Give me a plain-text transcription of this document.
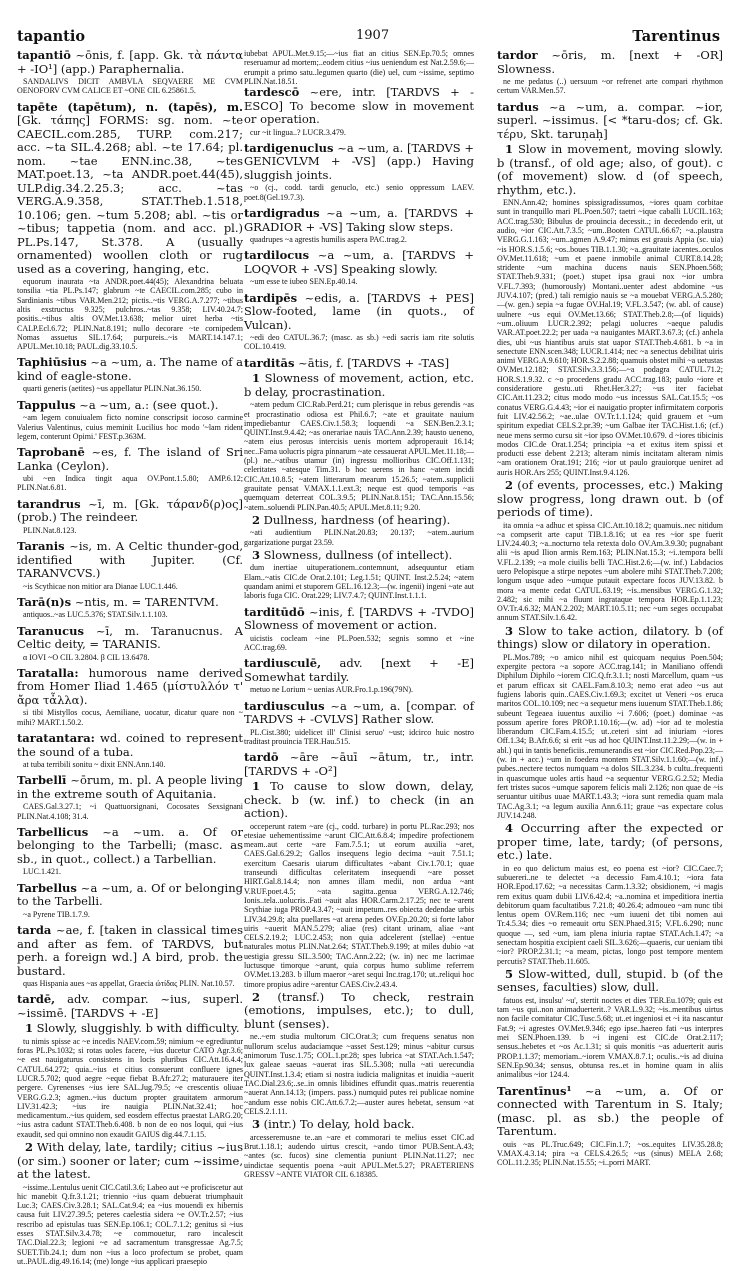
tapantio	1907	Tarentinus
tapantiō ~ōnis, f. [app. Gk. τὰ πάντα + -IO¹] (app.) Paraphernalia.
SANDALIVS DICIT AMBVLA SEQVAERE ME CVM OENOFORV CVM CALICE ET ~ONE CIL 6.25861.5.
tapēte (tapētum), n. (tapēs), m. [Gk. τάπης] FORMS: sg. nom. ~te CAECIL.com.285, TURP. com.217; acc. ~ta SIL.4.268; abl. ~te 17.64; pl. nom. ~tae ENN.inc.38, ~tes MAT.poet.13, ~ta ANDR.poet.44(45), ULP.dig.34.2.25.3; acc. ~tas VERG.A.9.358, STAT.Theb.1.518, 10.106; gen. ~tum 5.208; abl. ~tis or ~tibus; tappetia (nom. and acc. pl.) PL.Ps.147, St.378. A (usually ornamented) woollen cloth or rug used as a covering, hanging, etc.
equorum inaurata ~ta ANDR.poet.44(45); Alexandrina beluata tonsilia ~tia PL.Ps.147; glabrum ~te CAECIL.com.285; cubo in Sardinianis ~tibus VAR.Men.212; pictis..~tis VERG.A.7.277; ~tibus altis exstructus 9.325; pulchros..~tas 9.358; LIV.40.24.7; positis..~tibus altis OV.Met.13.638; melior uiret herba ~tis CALP.Ecl.6.72; PLIN.Nat.8.191; nullo decorare ~te cornipedem Nomas assuetus SIL.17.64; purpureis..~is MART.14.147.1; APUL.Met.10.18; PAUL.dig.33.10.5.
Taphiūsius ~a ~um, a. The name of a kind of eagle-stone.
quarti generis (aetites) ~us appellatur PLIN.Nat.36.150.
Tappulus ~a ~um, a.: (see quot.).
~am legem conuiualem ficto nomine conscripsit iocoso carmine Valerius Valentinus, cuius meminit Lucilius hoc modo '~lam rident legem, conterunt Opimi.' FEST.p.363M.
Taprobanē ~es, f. The island of Sri Lanka (Ceylon).
ubi ~en Indica tingit aqua OV.Pont.1.5.80; AMP.6.12; PLIN.Nat.6.81.
tarandrus ~ī, m. [Gk. τάρανδ(ρ)ος] (prob.) The reindeer.
PLIN.Nat.8.123.
Taranis ~is, m. A Celtic thunder-god, identified with Jupiter. (Cf. TARANVCVS.)
~is Scythicae non mitior ara Dianae LUC.1.446.
Tarā(n)s ~ntis, m. = TARENTVM.
antiquos..~as LUC.5.376; STAT.Silv.1.1.103.
Taranucus ~ī, m. Taranucnus. A Celtic deity, = TARANIS.
α IOVI ~O CIL 3.2804. β CIL 13.6478.
Taratalla: humorous name derived from Homer Iliad 1.465 (μίστυλλόν τ' ἄρα τἆλλα).
si tibi Mistyllos cocus, Aemiliane, uocatur, dicatur quare non ~ mihi? MART.1.50.2.
taratantara: wd. coined to represent the sound of a tuba.
at tuba terribili sonitu ~ dixit ENN.Ann.140.
Tarbellī ~ōrum, m. pl. A people living in the extreme south of Aquitania.
CAES.Gal.3.27.1; ~i Quattuorsignani, Cocosates Sexsignani PLIN.Nat.4.108; 31.4.
Tarbellicus ~a ~um. a. Of or belonging to the Tarbelli; (masc. as sb., in quot., collect.) a Tarbellian.
LUC.1.421.
Tarbellus ~a ~um, a. Of or belonging to the Tarbelli.
~a Pyrene TIB.1.7.9.
tarda ~ae, f. [taken in classical times and after as fem. of TARDVS, but perh. a foreign wd.] A bird, prob. the bustard.
quas Hispania aues ~as appellat, Graecia ὠτίδας PLIN. Nat.10.57.
tardē, adv. compar. ~ius, superl. ~issimē. [TARDVS + -E]
1 Slowly, sluggishly. b with difficulty.
tu nimis spisse ac ~e incedis NAEV.com.59; nimium ~e egrediuntur foras PL.Ps.1032; si rotas uoles facere, ~ius ducetur CATO Agr.3.6; ~e est nauigaturus consistens in locis pluribus CIC.Att.16.4.4; CATUL.64.272; quia..~ius et citius consuerunt confluere ignes LUCR.5.702; quod aegre ~eque fiebat B.Afr.27.2; maturauere iter pergere. Cyrenenses ~ius iere SAL.Jug.79.5; ~e crescentis oliuae VERG.G.2.3; agmen..~ius ductum propter grauitatem armorum LIV.31.42.3; ~ius ire nauigia PLIN.Nat.32.41; hoc medicamentum..~ius quidem, sed eosdem effectus praestat LARG.20; ~ius astra cadunt STAT.Theb.6.408. b non de eo nos loqui, qui ~ius exaudit, sed qui omnino non exaudit GAIUS dig.44.7.1.15.
2 With delay, late, tardily; citius ~ius (or sim.) sooner or later; cum ~issime, at the latest.
~issime..Lentulus uenit CIC.Catil.3.6; Labeo aut ~e proficiscetur aut hic manebit Q.fr.3.1.21; triennio ~ius quam debuerat triumphauit Luc.3; CAES.Civ.3.28.1; SAL.Cat.9.4; ea ~ius mouendi ex hibernis causa fuit LIV.27.39.5; peteres caelestia sidera ~e OV.Tr.2.57; ~ius rescribo ad epistulas tuas SEN.Ep.106.1; COL.7.1.2; genitus si ~ius esses STAT.Silv.3.4.78; ~e commouetur, raro incalescit TAC.Dial.22.3; legioni ~e ad sacramentum transgressae Ag.7.5; SUET.Tib.24.1; dum non ~ius a loco profectum se probet, quam ut..PAUL.dig.49.16.14; (me) longe ~ius applicari praesepio
iubebat APUL.Met.9.15;—~ius fiat an citius SEN.Ep.70.5; omnes reseruamur ad mortem;..eodem citius ~ius ueniendum est Nat.2.59.6;—erumpit a primo satu..legumen quarto (die) uel, cum ~issime, septimo PLIN.Nat.18.51.
tardescō ~ere, intr. [TARDVS + -ESCO] To become slow in movement or operation.
cur ~it lingua..? LUCR.3.479.
tardigenuclus ~a ~um, a. [TARDVS + GENICVLVM + -VS] (app.) Having sluggish joints.
~o (cj., codd. tardi genuclo, etc.) senio oppressum LAEV. poet.8(Gel.19.7.3).
tardigradus ~a ~um, a. [TARDVS + GRADIOR + -VS] Taking slow steps.
quadrupes ~a agrestis humilis aspera PAC.trag.2.
tardilocus ~a ~um, a. [TARDVS + LOQVOR + -VS] Speaking slowly.
~um esse te iubeo SEN.Ep.40.14.
tardipēs ~edis, a. [TARDVS + PES] Slow-footed, lame (in quots., of Vulcan).
~edi deo CATUL.36.7; (masc. as sb.) ~edi sacris iam rite solutis COL.10.419.
tarditās ~ātis, f. [TARDVS + -TAS]
1 Slowness of movement, action, etc. b delay, procrastination.
~atem pedum CIC.Rab.Perd.21; cum plerisque in rebus gerendis ~as et procrastinatio odiosa est Phil.6.7; ~ate et grauitate nauium impediebantur CAES.Civ.1.58.3; loquendi ~a SEN.Ben.2.3.1; QUINT.Inst.9.4.42; ~as onerariae nauis TAC.Ann.2.39; hausto ueneno, ~atem eius perosus intercisis uenis mortem adproperauit 16.14; nec..Fama uolucris pigra pinnarum ~ate cessauerat APUL.Met.11.18;—(pl.) ne..~atibus utamur (in) ingressu mollioribus CIC.Off.1.131; celeritates ~atesque Tim.31. b hoc uerens in hanc ~atem incidi CIC.Att.10.8.5; ~atem litterarum mearum 15.26.5; ~atem..supplicii grauitate pensat V.MAX.1.1.ext.3; neque est quod temporis ~as quemquam deterreat COL.3.9.5; PLIN.Nat.8.151; TAC.Ann.15.56; ~atem..soluendi PLIN.Pan.40.5; APUL.Met.8.11; 9.20.
2 Dullness, hardness (of hearing).
~ati audientium PLIN.Nat.20.83; 20.137; ~atem..aurium gargarizatione purgat 23.59.
3 Slowness, dullness (of intellect).
dum inertiae uituperationem..contemnunt, adsequuntur etiam Elam..~atis CIC.de Orat.2.101; Leg.1.51; QUINT. Inst.2.5.24; ~atem quandam animi et stuporem GEL.16.12.3;—(w. ingenii) ingeni ~ate aut laboris fuga CIC. Orat.229; LIV.7.4.7; QUINT.Inst.1.1.1.
tarditūdō ~inis, f. [TARDVS + -TVDO] Slowness of movement or action.
uicistis cocleam ~ine PL.Poen.532; segnis somno et ~ine ACC.trag.69.
tardiusculē, adv. [next + -E] Somewhat tardily.
metuo ne Lorium ~ uenias AUR.Fro.1.p.196(79N).
tardiusculus ~a ~um, a. [compar. of TARDVS + -CVLVS] Rather slow.
PL.Cist.380; uidelicet ill' Clinisi seruo' ~ust; idcirco huic nostro traditast prouincia TER.Hau.515.
tardō ~āre ~āuī ~ātum, tr., intr. [TARDVS + -O²]
1 To cause to slow down, delay, check. b (w. inf.) to check (in an action).
occeperunt ratem ~are (cj., codd. turbare) in portu PL.Rac.293; nos etesiae uehementissime ~arunt CIC.Att.6.8.4; impedire profectionem meam..aut certe ~are Fam.7.5.1; ut eorum auxilia ~aret, CAES.Gal.6.29.2; Gallos insequens legio decima ~auit 7.51.1; exercitum Caesaris uiarum difficultates ~abant Civ.1.70.1; quae transeundi difficultas celeritatem insequendi ~are posset HIRT.Gal.8.14.4; non amnes illam medii, non ardua ~ant V.RUF.poet.4.5; ~ata sagitta..genua VERG.A.12.746; Ionis..tela..uolucris..Fati ~auit alas HOR.Carm.2.17.25; nec te ~arent Scythiae iuga PROP.4.3.47; ~auit impetum..res obiecta dedendae urbis LIV.34.29.8; alta puellares ~at arena pedes OV.Ep.20.20; si forte labor uiris ~auerit MAN.5.279; aliae (res) citant urinam, aliae ~ant CELS.2.19.2; LUC.2.453; non quia adcelerent (stellae) ~entue naturales motus PLIN.Nat.2.64; STAT.Theb.9.199; at miles dubio ~at uestigia gressu SIL.3.500; TAC.Ann.2.22; (w. in) nec me lacrimae luctusque timorque ~arunt, quia corpus humo sublime referrem OV.Met.13.283. b illum maeror ~aret sequi Inc.trag.170; ut..reliqui hoc timore propius adire ~arentur CAES.Civ.2.43.4.
2 (transf.) To check, restrain (emotions, impulses, etc.); to dull, blunt (senses).
ne..~em studia multorum CIC.Orat.3; cum frequens senatus non nullorum scelus audaciamque ~asset Sest.129; minus ~abitur cursus animorum Tusc.1.75; COL.1.pr.28; spes lubrica ~at STAT.Ach.1.547; lux galeae saeuas ~auerat iras SIL.5.308; nulla ~ati uerecundia QUINT.Inst.1.3.4; etiam si nostra iudicia malignitas et inuidia ~auerit TAC.Dial.23.6;..se..in omnis libidines effundit quas..matris reuerentia ~auerat Ann.14.13; (impers. pass.) numquid putes rei publicae nomine ~andum esse nobis CIC.Att.6.7.2;—auster aures hebetat, sensum ~at CELS.2.1.11.
3 (intr.) To delay, hold back.
arcesseremusne te..an ~are et commorari te melius esset CIC.ad Brut.1.18.1; audendo uirtus crescit, ~ando timor PUB.Sent.A.43; ~antes (sc. fucos) sine clementia puniunt PLIN.Nat.11.27; nec uindictae sequentis poena ~auit APUL.Met.5.27; PRAETERIENS GRESSV ~ANTE VIATOR CIL 6.18385.
tardor ~ōris, m. [next + -OR] Slowness.
ne me pedatus (..) uersuum ~or refrenet arte compari rhythmon certum VAR.Men.57.
tardus ~a ~um, a. compar. ~ior, superl. ~issimus. [< *taru-dos; cf. Gk. τέρυ, Skt. taruṇaḥ]
1 Slow in movement, moving slowly. b (transf., of old age; also, of gout). c (of movement) slow. d (of speech, rhythm, etc.).
ENN.Ann.42; homines spissigradissumos, ~iores quam corbitae sunt in tranquillo mari PL.Poen.507; taetri ~ique caballi LUCIL.163; ACC.trag.530; Bibulus de prouincia decessit..; in decedendo erit, ut audio, ~ior CIC.Att.7.3.5; ~um..Booten CATUL.66.67; ~a..plaustra VERG.G.1.163; ~um..agmen A.9.47; minus est grauis Appia (sc. uia) ~is HOR.S.1.5.6; ~os..boues TIB.1.1.30; ~a..grauitate iacentes..oculos OV.Met.11.618; ~um et paene inmobile animal CURT.8.14.28; stridente ~um machina ducens nauis SEN.Phoen.568; STAT.Theb.9.331; (poet.) stupet ipsa graui nox ~ior umbra V.FL.7.393; (humorously) Montani..uenter adest abdomine ~us JUV.4.107; (pred.) tali remigio nauis se ~a mouebat VERG.A.5.280;—(w. gen.) sepia ~a fugae OV.Hal.19; V.FL.3.547; (w. abl. of cause) uulnere ~us equi OV.Met.13.66; STAT.Theb.2.8;—(of liquids) ~um..oliuum LUCR.2.392; pelagi uolucres ~aeque paludis VAR.AT.poet.22.2; per uada ~a nauigantes MART.3.67.3; (cf.) anhela dies, ubi ~us hiantibus aruis stat uapor STAT.Theb.4.681. b ~a in senectute ENN.scen.348; LUCR.1.414; nec ~a senectus debilitat uiris animi VERG.A.9.610; HOR.S.2.2.88; quamuis obstet mihi ~a uetustas OV.Met.12.182; STAT.Silv.3.3.156;—~a podagra CATUL.71.2; HOR.S.1.9.32. c ~o procedens gradu ACC.trag.183; paulo ~iore et consideratiore gestu..uti Rhet.Her.3.27; ~us iter faciebat CIC.Att.11.23.2; citus modo modo ~us incessus SAL.Cat.15.5; ~os conatus VERG.G.4.43; ~ior ei nauigatio propter infirmitatem corporis fuit LIV.42.56.2; ~ae..ulae OV.Tr.1.1.124; quid grauem et ~um spiritum expediat CELS.2.pr.39; ~um Galbae iter TAC.Hist.1.6; (cf.) neue mens sermo cursu sit ~ior ipso OV.Met.10.679. d ~iores tibicinis modos CIC.de Orat.1.254; principia ~a et exitus item spissi et producti esse debent 2.213; alteram nimis incitatam alteram nimis ~am orationem Orat.191; 216; ~ior ut paulo grauiorque ueniret ad auris HOR.Ars 255; QUINT.Inst.9.4.126.
2 (of events, processes, etc.) Making slow progress, long drawn out. b (of periods of time).
ita omnia ~a adhuc et spissa CIC.Att.10.18.2; quamuis..nec nitidum ~a compserit arte caput TIB.1.8.16; ut ea res ~ior spe fuerit LIV.24.40.3; ~a..nocturno tela retexta dolo OV.Am.3.9.30; pugnabant alii ~is apud Ilion armis Rem.163; PLIN.Nat.15.3; ~i..tempora belli V.FL.2.139; ~a mole ciuilis belli TAC.Hist.2.6;—(w. inf.) Labdacios uero Pelopisque a stirpe nepotes ~um abolere mihi STAT.Theb.7.208; longum usque adeo ~umque putauit expectare focos JUV.13.82. b mora ~a mente cedat CATUL.63.19; ~is..mensibus VERG.G.1.32; 2.482; sic mihi ~a fluunt ingrataque tempora HOR.Ep.1.1.23; OV.Tr.4.6.32; MAN.2.202; MART.10.5.11; nec ~um seges occupabat annum STAT.Silv.1.6.42.
3 Slow to take action, dilatory. b (of things) slow or dilatory in operation.
PL.Mos.789; ~o amico nihil est quicquam nequius Poen.504; expergite pectora ~a sopore ACC.trag.141; in Maniliano offendi Diphilum Diphilo ~iorem CIC.Q.fr.3.1.1; nosti Marcellum, quam ~us et parum efficax sit CAEL.Fam.8.10.3; nemo erat adeo ~us aut fugiens laboris quin..CAES.Civ.1.69.3; excitet ut Veneri ~os eruca maritos COL.10.109; nec ~a sequetur mens iuuenum STAT.Theb.1.86; subeunt Tegeaea iuuentus auxilio ~i 7.606; (poet.) dominae ~as possum aperire fores PROP.1.10.16;—(w. ad) ~ior ad te molestia liberandum CIC.Fam.4.15.5; ut..ceteri sint ad iniuriam ~iores Off.1.34; B.Afr.6.6; si erit ~us ad hoc QUINT.Inst.11.2.29;—(w. in + abl.) qui in tantis beneficiis..remunerandis est ~ior CIC.Red.Pop.23;—(w. in + acc.) ~um in foedera montem STAT.Silv.1.1.60;—(w. inf.) pubes..nectere tectos numquam ~a dolos SIL.3.234. b cultu..frequenti in quascumque uoles artis haud ~a sequentur VERG.G.2.52; Media fert tristes sucos ~umque saporem felicis mali 2.126; non quae de ~is seruantur uitibus uuae MART.1.43.3; ~iora sunt remedia quam mala TAC.Ag.3.1; ~a legum auxilia Ann.6.11; graue ~as expectare colus JUV.14.248.
4 Occurring after the expected or proper time, late, tardy; (of persons, etc.) late.
in eo quo delictum maius est, eo poena est ~ior? CIC.Caec.7; subuereri..ne te delectet ~a decessio Fam.4.10.1; ~iora fata HOR.Epod.17.62; ~a necessitas Carm.1.3.32; obsidionem, ~i magis rem exitus quam dubii LIV.6.42.4; ~a..nomina et impeditiora inertia debitorum quam facultatibus 7.21.8; 40.26.4; admoueo ~am nunc tibi lentus opem OV.Rem.116; nec ~um iuueni det tibi nomen aui Tr.4.5.34; dies ~o remeauit ortu SEN.Phaed.315; V.FL.6.290; nunc quoque —, sed ~um, iam plena iniuria raptae STAT.Ach.1.47; ~a senectam hospitia excipient caeli SIL.3.626;—quaeris, cur ueniam tibi ~ior? PROP.2.31.1; ~a meam, pictas, longo post tempore mentem percutis? STAT.Theb.11.605.
5 Slow-witted, dull, stupid. b (of the senses, faculties) slow, dull.
fatuos est, insulsu' ~u', stertit noctes et dies TER.Eu.1079; quis est tam ~us qui..non animaduerterit..? VAR.L.9.32; ~is..mentibus uirtus non facile comitatur CIC.Tusc.5.68; ut..et ingeniosi et ~i ita nascantur Fat.9; ~i agrestes OV.Met.9.346; ego ipse..haereo fati ~us interpres mei SEN.Phoen.139. b ~i ingeni est CIC.de Orat.2.117; sensus..hebetes et ~os Ac.1.31; si quis monitis ~as aduerterit auris PROP.1.1.37; memoriam..~iorem V.MAX.8.7.1; oculis..~is ad diuina SEN.Ep.90.34; sensus, obtunsa res..et in homine quam in aliis animalibus ~ior 124.4.
Tarentīnus¹ ~a ~um, a. Of or connected with Tarentum in S. Italy; (masc. pl. as sb.) the people of Tarentum.
ouis ~as PL.Truc.649; CIC.Fin.1.7; ~os..equites LIV.35.28.8; V.MAX.4.3.14; pira ~a CELS.4.26.5; ~us (sinus) MELA 2.68; COL.11.2.35; PLIN.Nat.15.55; ~i..porri MART.
